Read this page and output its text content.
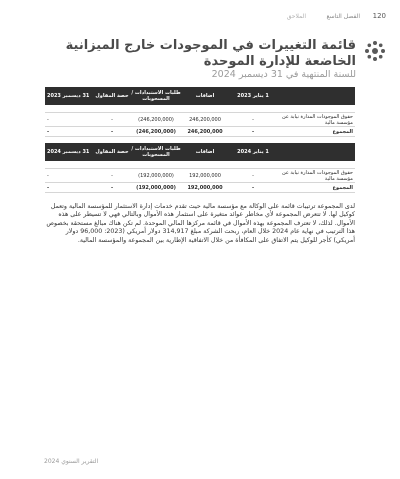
120
الفصل التاسع
الملاحق
قائمة التغييرات في الموجودات خارج الميزانية الخاضعة للإدارة الموحدة
للسنة المنتهية في 31 ديسمبر 2024
1 يناير 2023
اضافات
طلبات الاستبدادات / المسحوبات
حصة المقاول
31 ديسمبر 2023
حقوق الموجودات المدارة نيابة عن مؤسسة مالية
-
246,200,000
(246,200,000)
-
-
المجموع
-
246,200,000
(246,200,000)
-
-
1 يناير 2024
اضافات
طلبات الاستبدادات / المسحوبات
حصة المقاول
31 ديسمبر 2024
حقوق الموجودات المدارة نيابة عن مؤسسة مالية
-
192,000,000
(192,000,000)
-
-
المجموع
-
192,000,000
(192,000,000)
-
-

لدى المجموعة ترتيبات قائمة على الوكالة مع مؤسسة مالية حيث تقدم خدمات إدارة الاستثمار للمؤسسة المالية وتعمل كوكيل لها. لا تتعرض المجموعة لأي مخاطر عوائد متغيرة على استثمار هذه الأموال وبالتالي فهي لا تسيطر على هذه الأموال. لذلك، لا تعترف المجموعة بهذه الأموال في قائمة مركزها المالي الموحدة. لم تكن هناك مبالغ مستحقة بخصوص هذا الترتيب في نهاية عام 2024 خلال العام، ربحت الشركة مبلغ 314,917 دولار أمريكي (2023: 96,000 دولار أمريكي) كأجر للوكيل يتم الاتفاق على المكافأة من خلال الاتفاقية الإطارية بين المجموعة والمؤسسة المالية.

التقرير السنوي 2024
